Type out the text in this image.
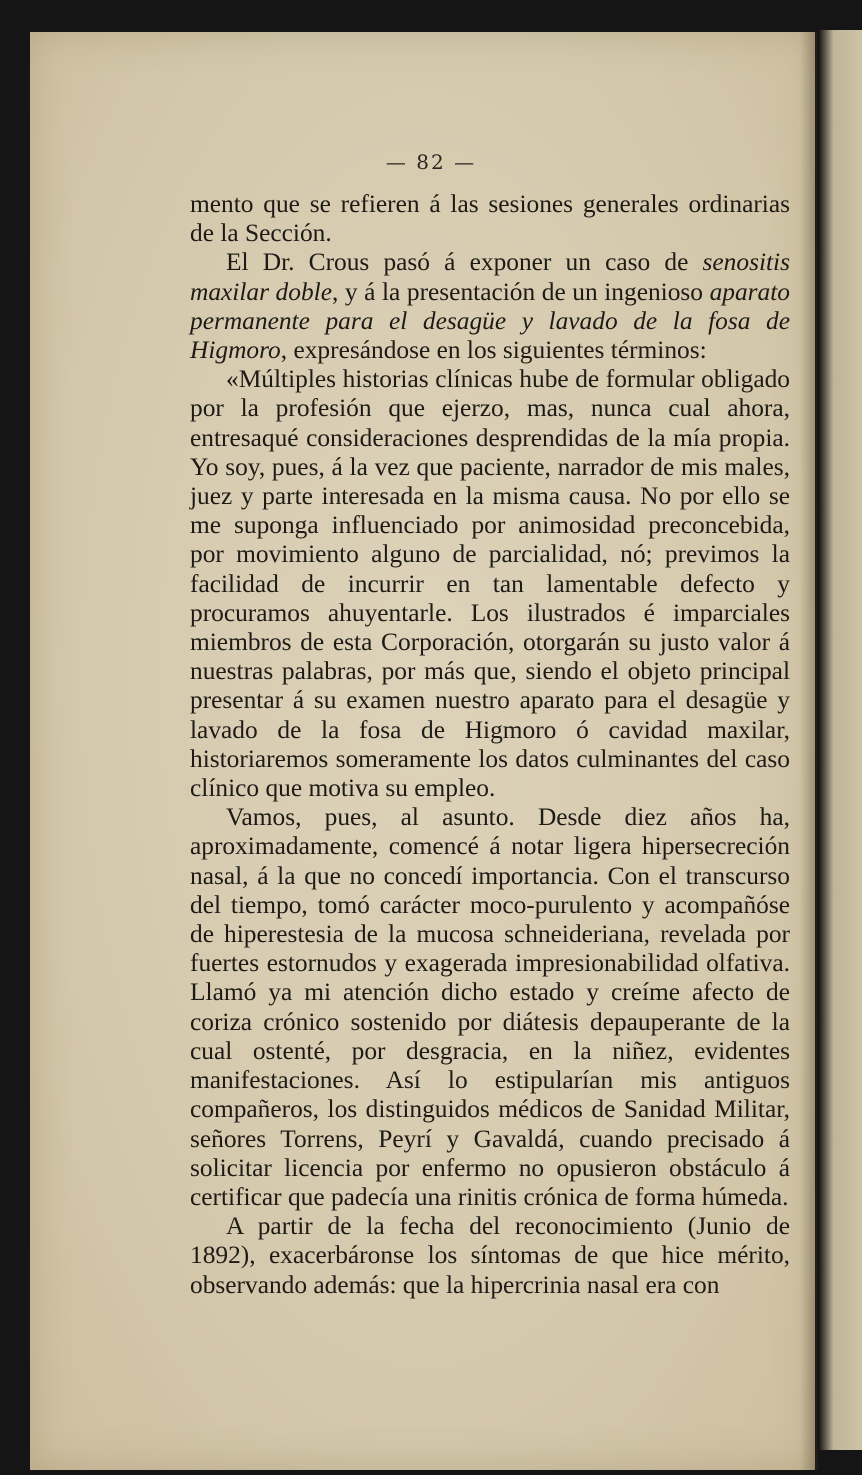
— 82 —

mento que se refieren á las sesiones generales ordinarias de la Sección.

El Dr. Crous pasó á exponer un caso de senositis maxilar doble, y á la presentación de un ingenioso aparato permanente para el desagüe y lavado de la fosa de Higmoro, expresándose en los siguientes términos:

«Múltiples historias clínicas hube de formular obligado por la profesión que ejerzo, mas, nunca cual ahora, entresaqué consideraciones desprendidas de la mía propia. Yo soy, pues, á la vez que paciente, narrador de mis males, juez y parte interesada en la misma causa. No por ello se me suponga influenciado por animosidad preconcebida, por movimiento alguno de parcialidad, nó; previmos la facilidad de incurrir en tan lamentable defecto y procuramos ahuyentarle. Los ilustrados é imparciales miembros de esta Corporación, otorgarán su justo valor á nuestras palabras, por más que, siendo el objeto principal presentar á su examen nuestro aparato para el desagüe y lavado de la fosa de Higmoro ó cavidad maxilar, historiaremos someramente los datos culminantes del caso clínico que motiva su empleo.

Vamos, pues, al asunto. Desde diez años ha, aproximadamente, comencé á notar ligera hipersecreción nasal, á la que no concedí importancia. Con el transcurso del tiempo, tomó carácter moco-purulento y acompañóse de hiperestesia de la mucosa schneideriana, revelada por fuertes estornudos y exagerada impresionabilidad olfativa. Llamó ya mi atención dicho estado y creíme afecto de coriza crónico sostenido por diátesis depauperante de la cual ostenté, por desgracia, en la niñez, evidentes manifestaciones. Así lo estipularían mis antiguos compañeros, los distinguidos médicos de Sanidad Militar, señores Torrens, Peyrí y Gavaldá, cuando precisado á solicitar licencia por enfermo no opusieron obstáculo á certificar que padecía una rinitis crónica de forma húmeda.

A partir de la fecha del reconocimiento (Junio de 1892), exacerbáronse los síntomas de que hice mérito, observando además: que la hipercrinia nasal era con
